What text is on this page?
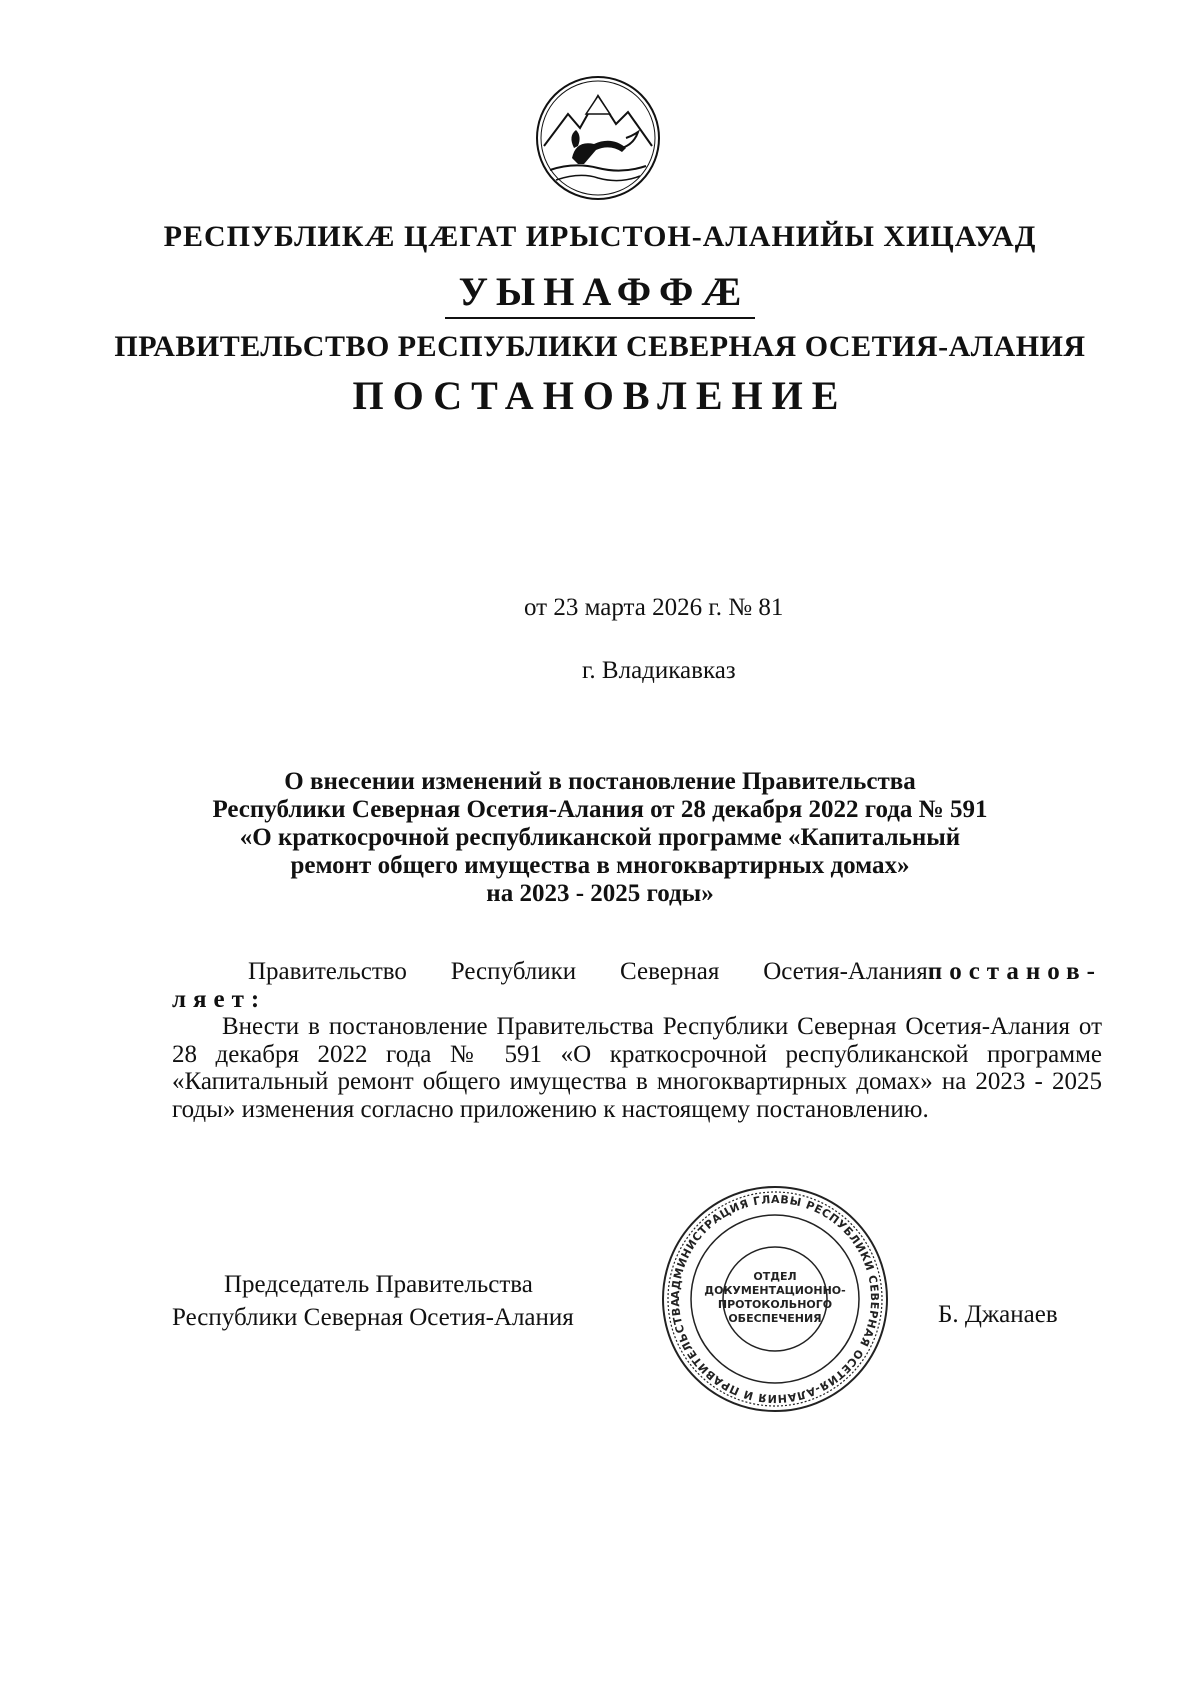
РЕСПУБЛИКÆ ЦÆГАТ ИРЫСТОН-АЛАНИЙЫ ХИЦАУАД
УЫНАФФÆ
ПРАВИТЕЛЬСТВО РЕСПУБЛИКИ СЕВЕРНАЯ ОСЕТИЯ-АЛАНИЯ
ПОСТАНОВЛЕНИЕ
от 23 марта 2026 г. № 81
г. Владикавказ
О внесении изменений в постановление Правительства
Республики Северная Осетия-Алания от 28 декабря 2022 года № 591
«О краткосрочной республиканской программе «Капитальный
ремонт общего имущества в многоквартирных домах»
на 2023 - 2025 годы»
Правительство Республики Северная Осетия-Аланияпостанов-
ляет:

Внести в постановление Правительства Республики Северная Осетия-Алания от 28 декабря 2022 года № 591 «О краткосрочной республиканской программе «Капитальный ремонт общего имущества в многоквартирных домах» на 2023 - 2025 годы» изменения согласно приложению к настоящему постановлению.

Председатель Правительства
Республики Северная Осетия-Алания	Б. Джанаев
АДМИНИСТРАЦИЯ ГЛАВЫ РЕСПУБЛИКИ СЕВЕРНАЯ ОСЕТИЯ-АЛАНИЯ И ПРАВИТЕЛЬСТВА
ОТДЕЛ
ДОКУМЕНТАЦИОННО-
ПРОТОКОЛЬНОГО
ОБЕСПЕЧЕНИЯ
